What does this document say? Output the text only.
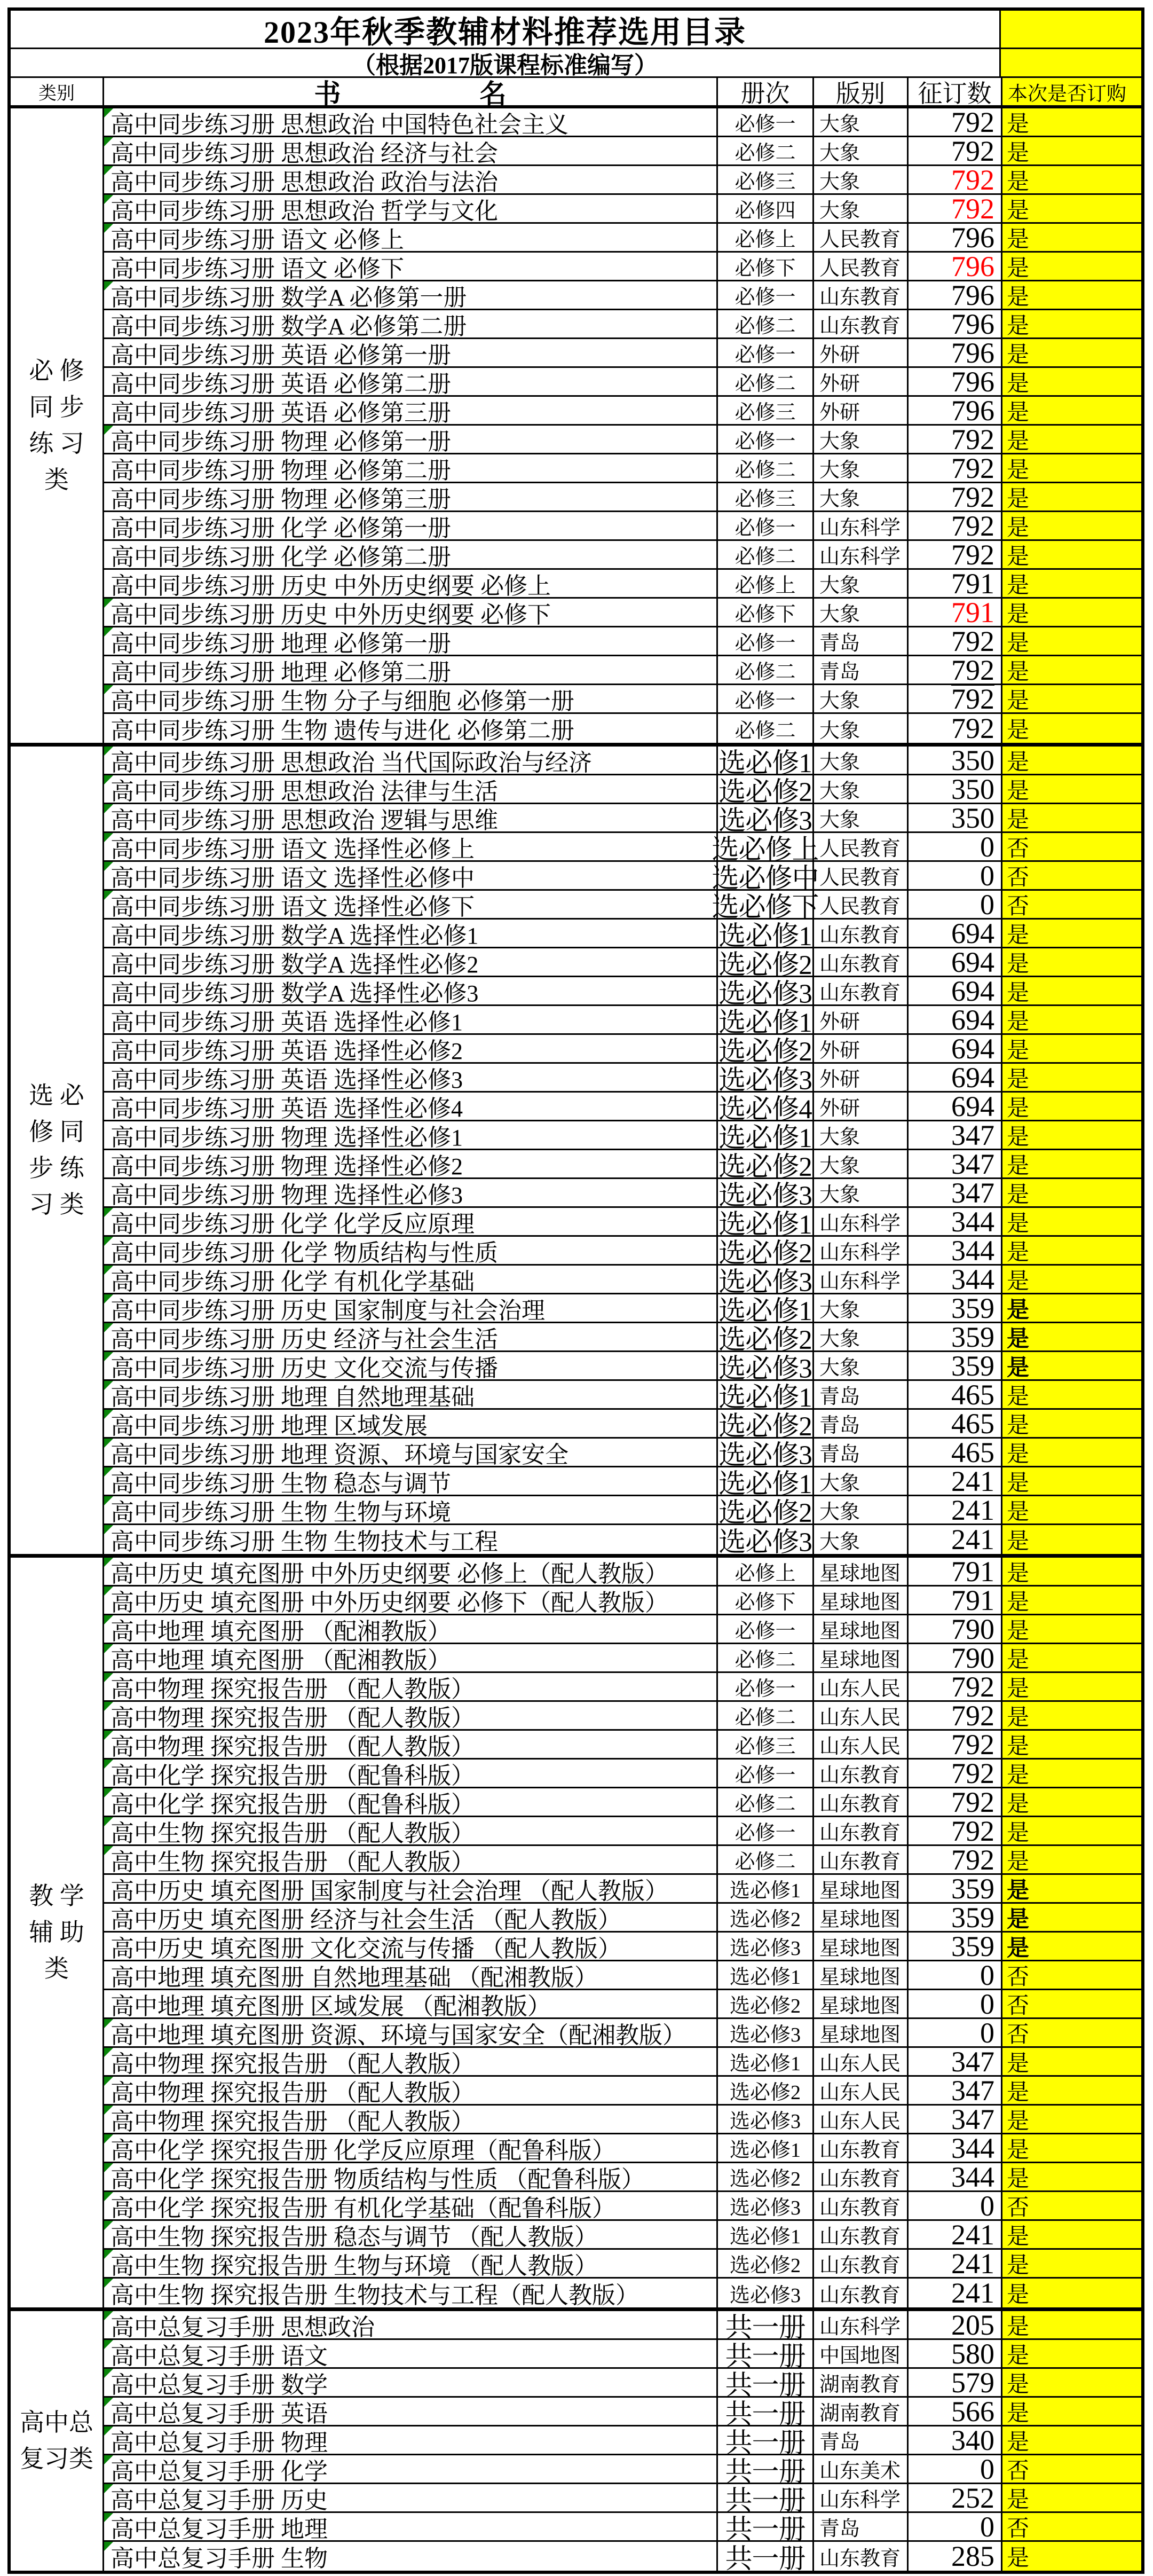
2023年秋季教辅材料推荐选用目录
（根据2017版课程标准编写）
类别	书	名	册次	版别	征订数 本次是否订购
必 修
同 步
练 习
类
高中同步练习册 思想政治 中国特色社会主义	必修一	大象	792 是
高中同步练习册 思想政治 经济与社会	必修二	大象	792 是
高中同步练习册 思想政治 政治与法治	必修三	大象	792 是
高中同步练习册 思想政治 哲学与文化	必修四	大象	792 是
高中同步练习册 语文 必修上	必修上	人民教育	796 是
高中同步练习册 语文 必修下	必修下	人民教育	796 是
高中同步练习册 数学A 必修第一册	必修一	山东教育	796 是
高中同步练习册 数学A 必修第二册	必修二	山东教育	796 是
高中同步练习册 英语 必修第一册	必修一	外研	796 是
高中同步练习册 英语 必修第二册	必修二	外研	796 是
高中同步练习册 英语 必修第三册	必修三	外研	796 是
高中同步练习册 物理 必修第一册	必修一	大象	792 是
高中同步练习册 物理 必修第二册	必修二	大象	792 是
高中同步练习册 物理 必修第三册	必修三	大象	792 是
高中同步练习册 化学 必修第一册	必修一	山东科学	792 是
高中同步练习册 化学 必修第二册	必修二	山东科学	792 是
高中同步练习册 历史 中外历史纲要 必修上	必修上	大象	791 是
高中同步练习册 历史 中外历史纲要 必修下	必修下	大象	791 是
高中同步练习册 地理 必修第一册	必修一	青岛	792 是
高中同步练习册 地理 必修第二册	必修二	青岛	792 是
高中同步练习册 生物 分子与细胞 必修第一册	必修一	大象	792 是
高中同步练习册 生物 遗传与进化 必修第二册	必修二	大象	792 是
选 必
修 同
步 练
习 类
高中同步练习册 思想政治 当代国际政治与经济	选必修1 大象	350 是
高中同步练习册 思想政治 法律与生活	选必修2 大象	350 是
高中同步练习册 思想政治 逻辑与思维	选必修3 大象	350 是
高中同步练习册 语文 选择性必修上	选必修上 人民教育	0 否
高中同步练习册 语文 选择性必修中	选必修中 人民教育	0 否
高中同步练习册 语文 选择性必修下	选必修下 人民教育	0 否
高中同步练习册 数学A 选择性必修1	选必修1 山东教育	694 是
高中同步练习册 数学A 选择性必修2	选必修2 山东教育	694 是
高中同步练习册 数学A 选择性必修3	选必修3 山东教育	694 是
高中同步练习册 英语 选择性必修1	选必修1 外研	694 是
高中同步练习册 英语 选择性必修2	选必修2 外研	694 是
高中同步练习册 英语 选择性必修3	选必修3 外研	694 是
高中同步练习册 英语 选择性必修4	选必修4 外研	694 是
高中同步练习册 物理 选择性必修1	选必修1 大象	347 是
高中同步练习册 物理 选择性必修2	选必修2 大象	347 是
高中同步练习册 物理 选择性必修3	选必修3 大象	347 是
高中同步练习册 化学 化学反应原理	选必修1 山东科学	344 是
高中同步练习册 化学 物质结构与性质	选必修2 山东科学	344 是
高中同步练习册 化学 有机化学基础	选必修3 山东科学	344 是
高中同步练习册 历史 国家制度与社会治理	选必修1 大象	359 是
高中同步练习册 历史 经济与社会生活	选必修2 大象	359 是
高中同步练习册 历史 文化交流与传播	选必修3 大象	359 是
高中同步练习册 地理 自然地理基础	选必修1 青岛	465 是
高中同步练习册 地理 区域发展	选必修2 青岛	465 是
高中同步练习册 地理 资源、环境与国家安全	选必修3 青岛	465 是
高中同步练习册 生物 稳态与调节	选必修1 大象	241 是
高中同步练习册 生物 生物与环境	选必修2 大象	241 是
高中同步练习册 生物 生物技术与工程	选必修3 大象	241 是
教 学
辅 助
类
高中历史 填充图册 中外历史纲要 必修上（配人教版）	必修上	星球地图	791 是
高中历史 填充图册 中外历史纲要 必修下（配人教版）	必修下	星球地图	791 是
高中地理 填充图册 （配湘教版）	必修一	星球地图	790 是
高中地理 填充图册 （配湘教版）	必修二	星球地图	790 是
高中物理 探究报告册 （配人教版）	必修一	山东人民	792 是
高中物理 探究报告册 （配人教版）	必修二	山东人民	792 是
高中物理 探究报告册 （配人教版）	必修三	山东人民	792 是
高中化学 探究报告册 （配鲁科版）	必修一	山东教育	792 是
高中化学 探究报告册 （配鲁科版）	必修二	山东教育	792 是
高中生物 探究报告册 （配人教版）	必修一	山东教育	792 是
高中生物 探究报告册 （配人教版）	必修二	山东教育	792 是
高中历史 填充图册 国家制度与社会治理 （配人教版）	选必修1 星球地图	359 是
高中历史 填充图册 经济与社会生活 （配人教版）	选必修2 星球地图	359 是
高中历史 填充图册 文化交流与传播 （配人教版）	选必修3 星球地图	359 是
高中地理 填充图册 自然地理基础 （配湘教版）	选必修1 星球地图	0 否
高中地理 填充图册 区域发展 （配湘教版）	选必修2 星球地图	0 否
高中地理 填充图册 资源、环境与国家安全（配湘教版）	选必修3 星球地图	0 否
高中物理 探究报告册 （配人教版）	选必修1 山东人民	347 是
高中物理 探究报告册 （配人教版）	选必修2 山东人民	347 是
高中物理 探究报告册 （配人教版）	选必修3 山东人民	347 是
高中化学 探究报告册 化学反应原理（配鲁科版）	选必修1 山东教育	344 是
高中化学 探究报告册 物质结构与性质 （配鲁科版）	选必修2 山东教育	344 是
高中化学 探究报告册 有机化学基础（配鲁科版）	选必修3 山东教育	0 否
高中生物 探究报告册 稳态与调节 （配人教版）	选必修1 山东教育	241 是
高中生物 探究报告册 生物与环境 （配人教版）	选必修2 山东教育	241 是
高中生物 探究报告册 生物技术与工程（配人教版）	选必修3 山东教育	241 是
高中总
复习类
高中总复习手册 思想政治	共一册 山东科学	205 是
高中总复习手册 语文	共一册 中国地图	580 是
高中总复习手册 数学	共一册 湖南教育	579 是
高中总复习手册 英语	共一册 湖南教育	566 是
高中总复习手册 物理	共一册 青岛	340 是
高中总复习手册 化学	共一册 山东美术	0 否
高中总复习手册 历史	共一册 山东科学	252 是
高中总复习手册 地理	共一册 青岛	0 否
高中总复习手册 生物	共一册 山东教育	285 是
